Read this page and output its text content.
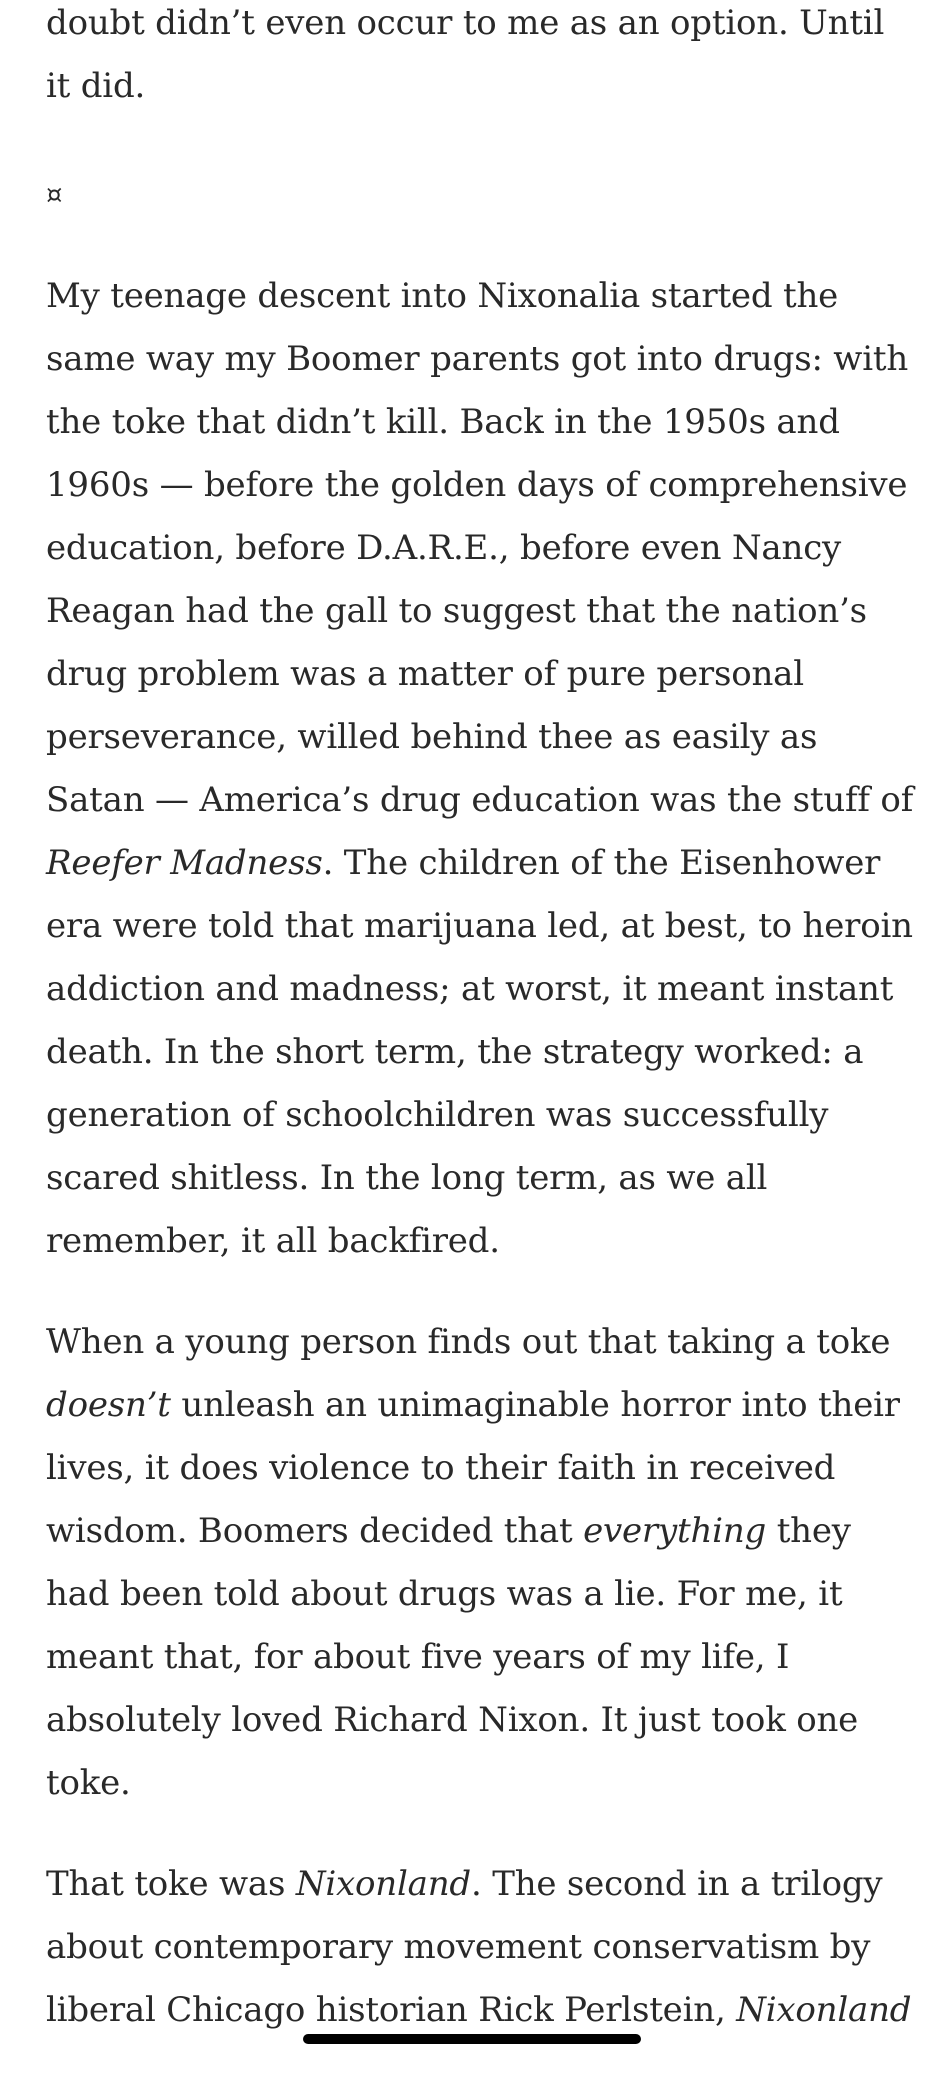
doubt didn’t even occur to me as an option. Until it did.

¤

My teenage descent into Nixonalia started the same way my Boomer parents got into drugs: with the toke that didn’t kill. Back in the 1950s and 1960s — before the golden days of comprehensive education, before D.A.R.E., before even Nancy Reagan had the gall to suggest that the nation’s drug problem was a matter of pure personal perseverance, willed behind thee as easily as Satan — America’s drug education was the stuff of Reefer Madness. The children of the Eisenhower era were told that marijuana led, at best, to heroin addiction and madness; at worst, it meant instant death. In the short term, the strategy worked: a generation of schoolchildren was successfully scared shitless. In the long term, as we all remember, it all backfired.

When a young person finds out that taking a toke doesn’t unleash an unimaginable horror into their lives, it does violence to their faith in received wisdom. Boomers decided that everything they had been told about drugs was a lie. For me, it meant that, for about five years of my life, I absolutely loved Richard Nixon. It just took one toke.

That toke was Nixonland. The second in a trilogy about contemporary movement conservatism by liberal Chicago historian Rick Perlstein, Nixonland
